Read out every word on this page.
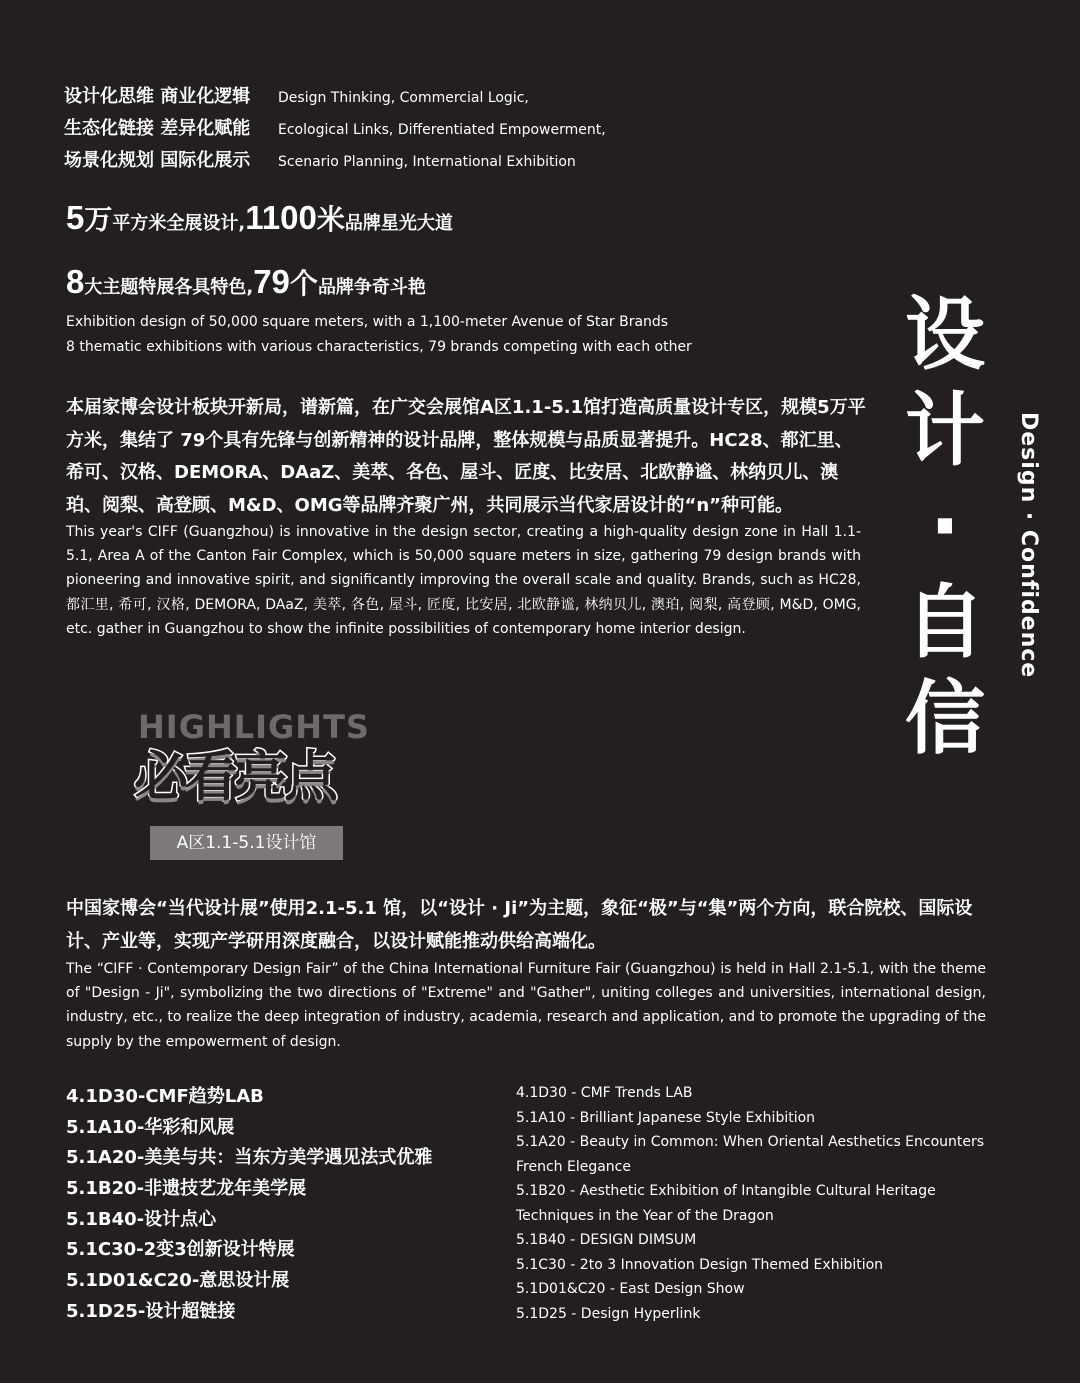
设计化思维 商业化逻辑 Design Thinking, Commercial Logic,
生态化链接 差异化赋能 Ecological Links, Differentiated Empowerment,
场景化规划 国际化展示 Scenario Planning, International Exhibition
5万平方米全展设计,1100米品牌星光大道
8大主题特展各具特色,79个品牌争奇斗艳
Exhibition design of 50,000 square meters, with a 1,100-meter Avenue of Star Brands
8 thematic exhibitions with various characteristics, 79 brands competing with each other
本届家博会设计板块开新局，谱新篇，在广交会展馆A区1.1-5.1馆打造高质量设计专区，规模5万平方米，集结了 79个具有先锋与创新精神的设计品牌，整体规模与品质显著提升。HC28、都汇里、希可、汉格、DEMORA、DAaZ、美萃、各色、屋斗、匠度、比安居、北欧静谧、林纳贝儿、澳珀、阅梨、高登顾、M&D、OMG等品牌齐聚广州，共同展示当代家居设计的“n”种可能。
This year's CIFF (Guangzhou) is innovative in the design sector, creating a high-quality design zone in Hall 1.1-5.1, Area A of the Canton Fair Complex, which is 50,000 square meters in size, gathering 79 design brands with pioneering and innovative spirit, and significantly improving the overall scale and quality. Brands, such as HC28, 都汇里, 希可, 汉格, DEMORA, DAaZ, 美萃, 各色, 屋斗, 匠度, 比安居, 北欧静谧, 林纳贝儿, 澳珀, 阅梨, 高登顾, M&D, OMG, etc. gather in Guangzhou to show the infinite possibilities of contemporary home interior design.
设
计
·
自
信
Design · Confidence
HIGHLIGHTS
必看亮点
A区1.1-5.1设计馆
中国家博会“当代设计展”使用2.1-5.1 馆，以“设计 · Ji”为主题，象征“极”与“集”两个方向，联合院校、国际设计、产业等，实现产学研用深度融合，以设计赋能推动供给高端化。
The “CIFF · Contemporary Design Fair” of the China International Furniture Fair (Guangzhou) is held in Hall 2.1-5.1, with the theme of "Design - Ji", symbolizing the two directions of "Extreme" and "Gather", uniting colleges and universities, international design, industry, etc., to realize the deep integration of industry, academia, research and application, and to promote the upgrading of the supply by the empowerment of design.
4.1D30-CMF趋势LAB
5.1A10-华彩和风展
5.1A20-美美与共：当东方美学遇见法式优雅
5.1B20-非遗技艺龙年美学展
5.1B40-设计点心
5.1C30-2变3创新设计特展
5.1D01&C20-意思设计展
5.1D25-设计超链接
4.1D30 - CMF Trends LAB
5.1A10 - Brilliant Japanese Style Exhibition
5.1A20 - Beauty in Common: When Oriental Aesthetics Encounters French Elegance
5.1B20 - Aesthetic Exhibition of Intangible Cultural Heritage Techniques in the Year of the Dragon
5.1B40 - DESIGN DIMSUM
5.1C30 - 2to 3 Innovation Design Themed Exhibition
5.1D01&C20 - East Design Show
5.1D25 - Design Hyperlink
